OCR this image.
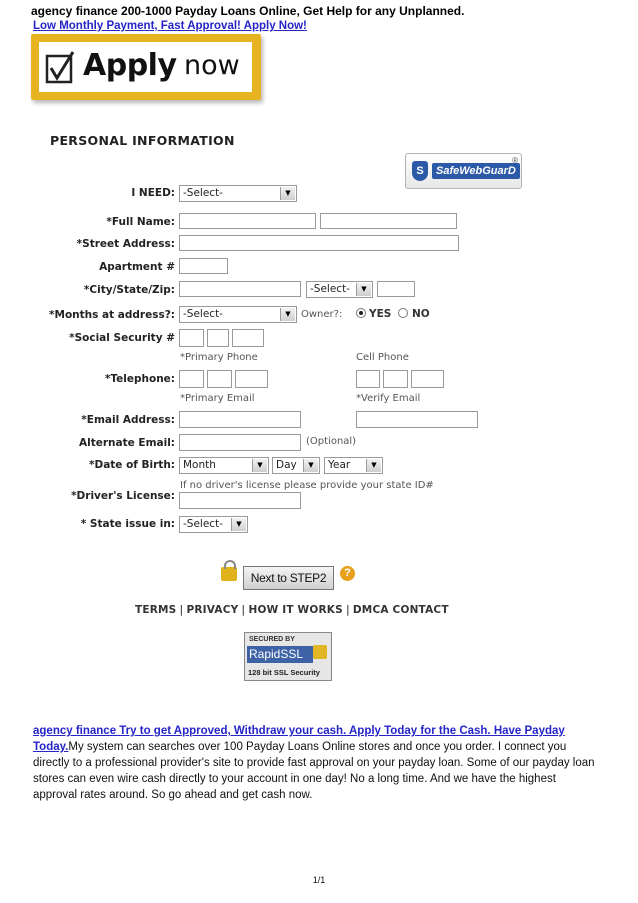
agency finance 200-1000 Payday Loans Online, Get Help for any Unplanned.
Low Monthly Payment, Fast Approval! Apply Now!
Apply now
PERSONAL INFORMATION
S	SafeWebGuarD
®
I NEED: -Select-	▼
*Full Name:
*Street Address:
Apartment #
*City/State/Zip:	-Select-	▼
*Months at address?: -Select-	▼	Owner?:	YES NO
*Social Security #
*Primary Phone	Cell Phone
*Telephone:
*Primary Email	*Verify Email
*Email Address:
Alternate Email:	(Optional)
*Date of Birth: Month	▼	Day	▼	Year	▼
If no driver's license please provide your state ID#
*Driver's License:
* State issue in: -Select-	▼
Next to STEP2	?
TERMS | PRIVACY | HOW IT WORKS | DMCA CONTACT
SECURED BY
RapidSSL
128 bit SSL Security
agency finance Try to get Approved, Withdraw your cash. Apply Today for the Cash. Have Payday Today.My system can searches over 100 Payday Loans Online stores and once you order. I connect you directly to a professional provider's site to provide fast approval on your payday loan. Some of our payday loan stores can even wire cash directly to your account in one day! No a long time. And we have the highest approval rates around. So go ahead and get cash now.
1/1
